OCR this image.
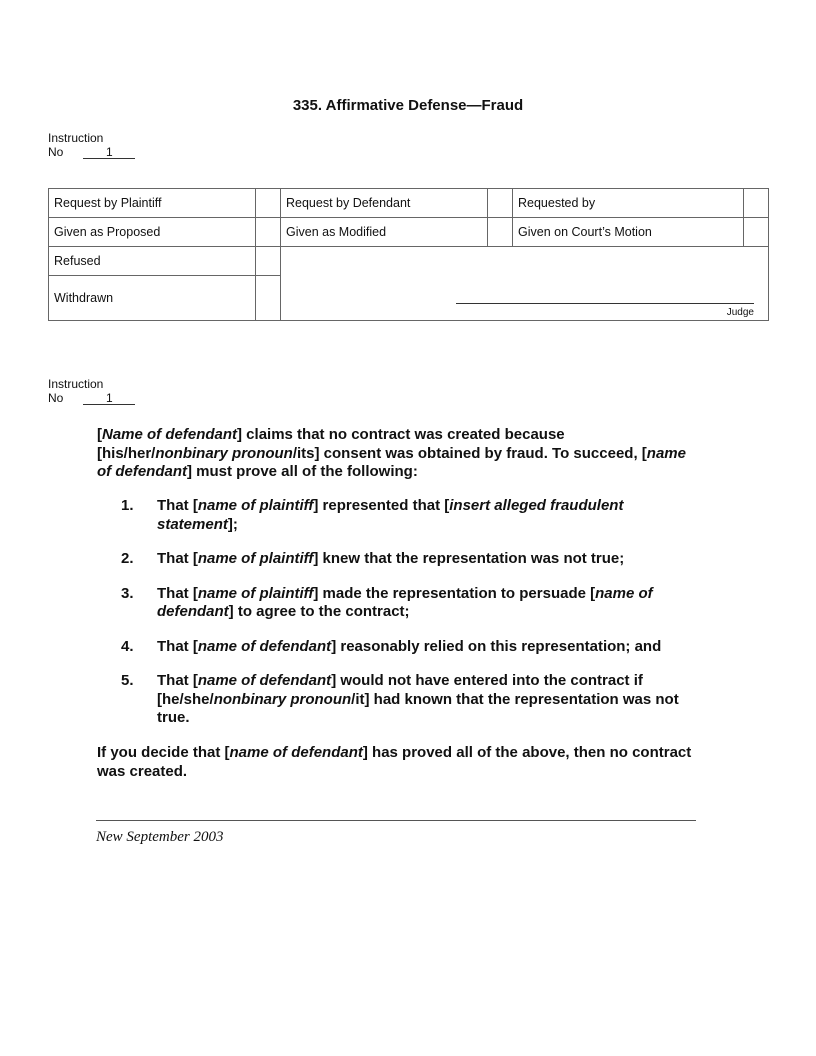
335. Affirmative Defense—Fraud
Instruction
No	1
Request by Plaintiff		Request by Defendant		Requested by	
Given as Proposed		Given as Modified		Given on Court’s Motion	
Refused		Judge			

Withdrawn					
Instruction
No	1
[Name of defendant] claims that no contract was created because [his/her/nonbinary pronoun/its] consent was obtained by fraud. To succeed, [name of defendant] must prove all of the following:
1. That [name of plaintiff] represented that [insert alleged fraudulent statement];
2. That [name of plaintiff] knew that the representation was not true;
3. That [name of plaintiff] made the representation to persuade [name of defendant] to agree to the contract;
4. That [name of defendant] reasonably relied on this representation; and
5. That [name of defendant] would not have entered into the contract if [he/she/nonbinary pronoun/it] had known that the representation was not true.
If you decide that [name of defendant] has proved all of the above, then no contract was created.
New September 2003
